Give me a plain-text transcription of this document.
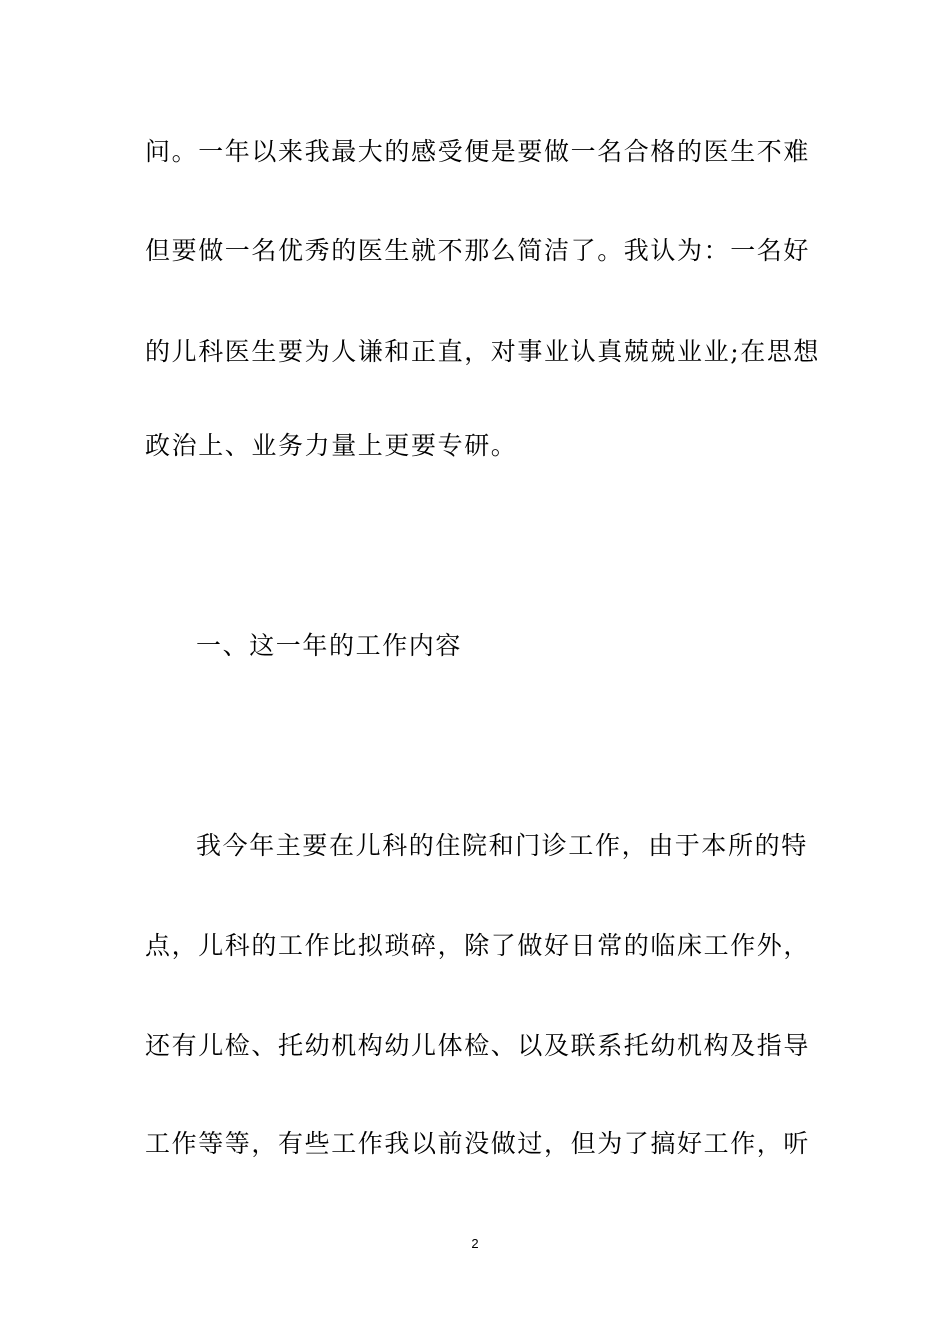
问。一年以来我最大的感受便是要做一名合格的医生不难
但要做一名优秀的医生就不那么简洁了。我认为：一名好
的儿科医生要为人谦和正直，对事业认真兢兢业业;在思想
政治上、业务力量上更要专研。
一、这一年的工作内容
我今年主要在儿科的住院和门诊工作，由于本所的特
点，儿科的工作比拟琐碎，除了做好日常的临床工作外，
还有儿检、托幼机构幼儿体检、以及联系托幼机构及指导
工作等等，有些工作我以前没做过，但为了搞好工作，听
2
